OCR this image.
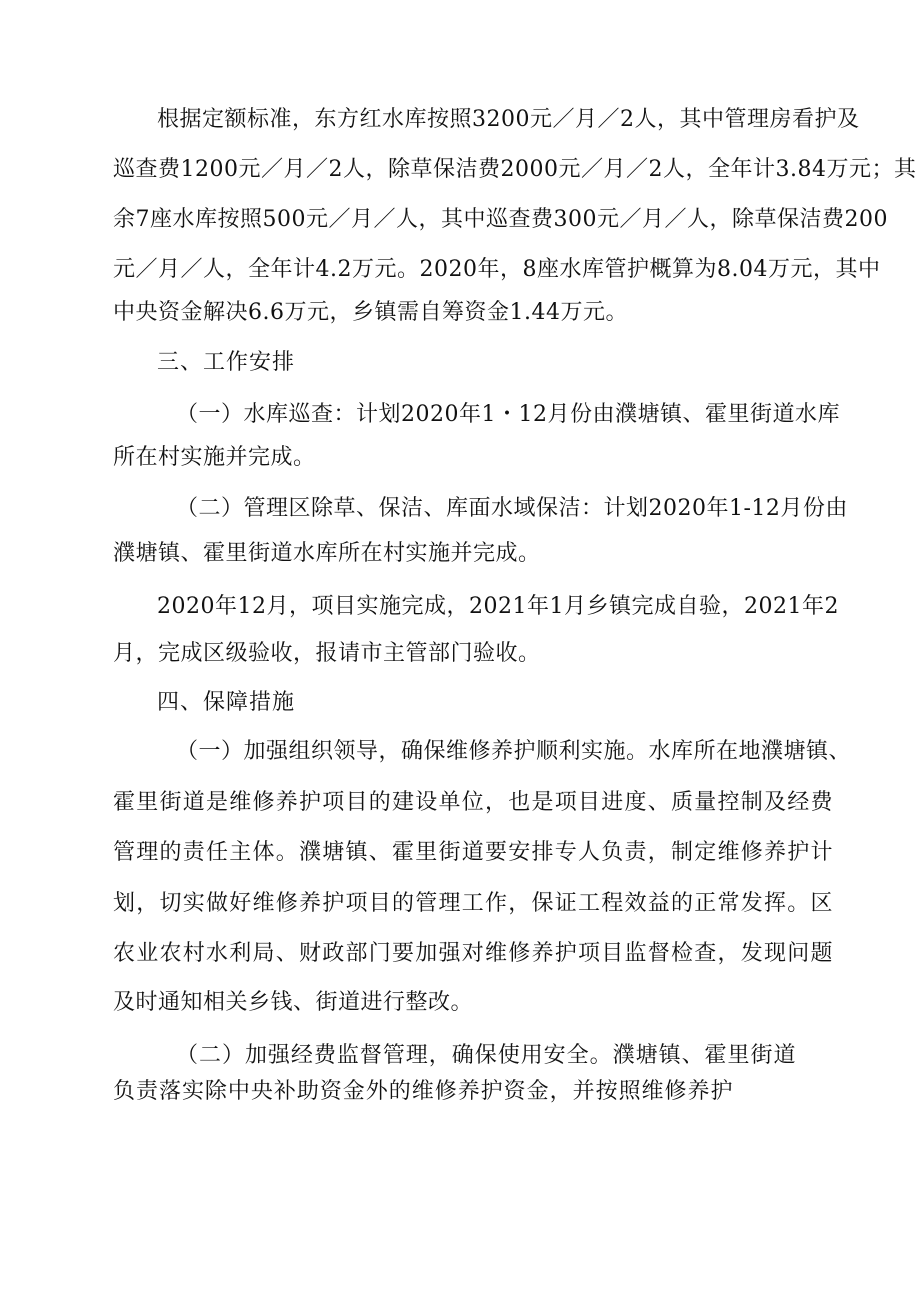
根据定额标准，东方红水库按照3200元／月／2人，其中管理房看护及
巡查费1200元／月／2人，除草保洁费2000元／月／2人，全年计3.84万元；其
余7座水库按照500元／月／人，其中巡查费300元／月／人，除草保洁费200
元／月／人，全年计4.2万元。2020年，8座水库管护概算为8.04万元，其中
中央资金解决6.6万元，乡镇需自筹资金1.44万元。
三、工作安排
（一）水库巡查：计划2020年1・12月份由濮塘镇、霍里街道水库
所在村实施并完成。
（二）管理区除草、保洁、库面水域保洁：计划2020年1-12月份由
濮塘镇、霍里街道水库所在村实施并完成。
2020年12月，项目实施完成，2021年1月乡镇完成自验，2021年2
月，完成区级验收，报请市主管部门验收。
四、保障措施
（一）加强组织领导，确保维修养护顺利实施。水库所在地濮塘镇、
霍里街道是维修养护项目的建设单位，也是项目进度、质量控制及经费
管理的责任主体。濮塘镇、霍里街道要安排专人负责，制定维修养护计
划，切实做好维修养护项目的管理工作，保证工程效益的正常发挥。区
农业农村水利局、财政部门要加强对维修养护项目监督检查，发现问题
及时通知相关乡钱、街道进行整改。
（二）加强经费监督管理，确保使用安全。濮塘镇、霍里街道
负责落实除中央补助资金外的维修养护资金，并按照维修养护
